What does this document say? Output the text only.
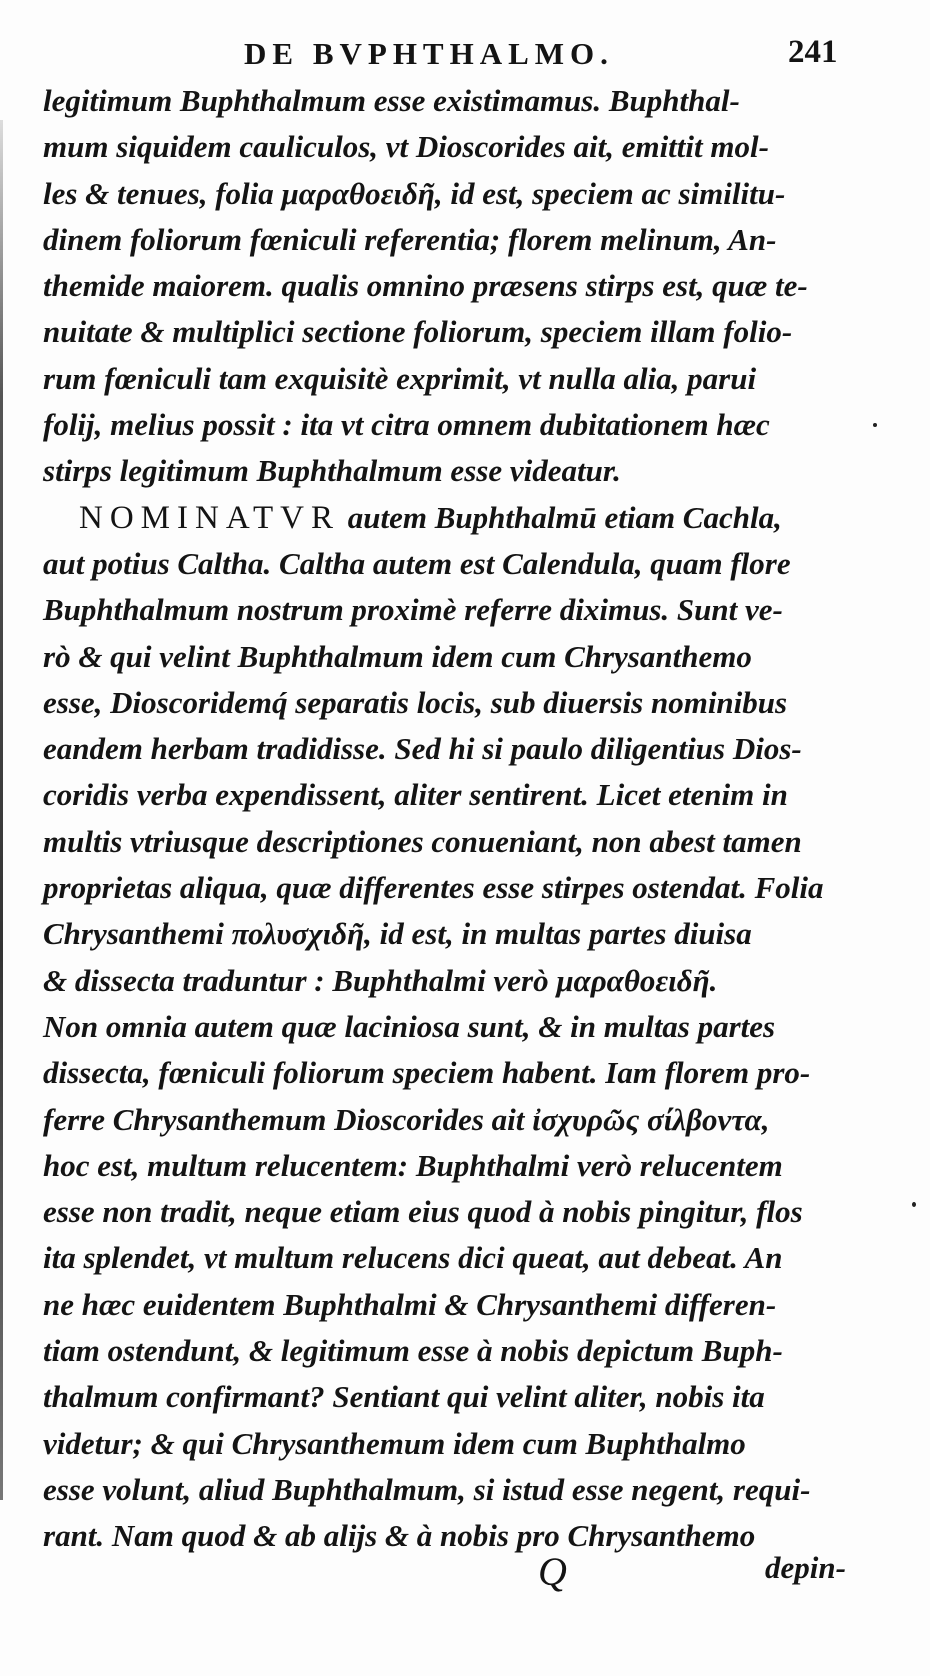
DE BVPHTHALMO.	241
legitimum Buphthalmum esse existimamus. Buphthal-
mum siquidem cauliculos, vt Dioscorides ait, emittit mol-
les & tenues, folia μαραθοειδῆ, id est, speciem ac similitu-
dinem foliorum fœniculi referentia; florem melinum, An-
themide maiorem. qualis omnino præsens stirps est, quæ te-
nuitate & multiplici sectione foliorum, speciem illam folio-
rum fœniculi tam exquisitè exprimit, vt nulla alia, parui
folij, melius possit : ita vt citra omnem dubitationem hæc
stirps legitimum Buphthalmum esse videatur.
NOMINATVR autem Buphthalmū etiam Cachla,
aut potius Caltha. Caltha autem est Calendula, quam flore
Buphthalmum nostrum proximè referre diximus. Sunt ve-
rò & qui velint Buphthalmum idem cum Chrysanthemo
esse, Dioscoridemq́ separatis locis, sub diuersis nominibus
eandem herbam tradidisse. Sed hi si paulo diligentius Dios-
coridis verba expendissent, aliter sentirent. Licet etenim in
multis vtriusque descriptiones conueniant, non abest tamen
proprietas aliqua, quæ differentes esse stirpes ostendat. Folia
Chrysanthemi πολυσχιδῆ, id est, in multas partes diuisa
& dissecta traduntur : Buphthalmi verò μαραθοειδῆ.
Non omnia autem quæ laciniosa sunt, & in multas partes
dissecta, fœniculi foliorum speciem habent. Iam florem pro-
ferre Chrysanthemum Dioscorides ait ἰσχυρῶς σίλβοντα,
hoc est, multum relucentem: Buphthalmi verò relucentem
esse non tradit, neque etiam eius quod à nobis pingitur, flos
ita splendet, vt multum relucens dici queat, aut debeat. An
ne hæc euidentem Buphthalmi & Chrysanthemi differen-
tiam ostendunt, & legitimum esse à nobis depictum Buph-
thalmum confirmant? Sentiant qui velint aliter, nobis ita
videtur; & qui Chrysanthemum idem cum Buphthalmo
esse volunt, aliud Buphthalmum, si istud esse negent, requi-
rant. Nam quod & ab alijs & à nobis pro Chrysanthemo
Q	depin-
